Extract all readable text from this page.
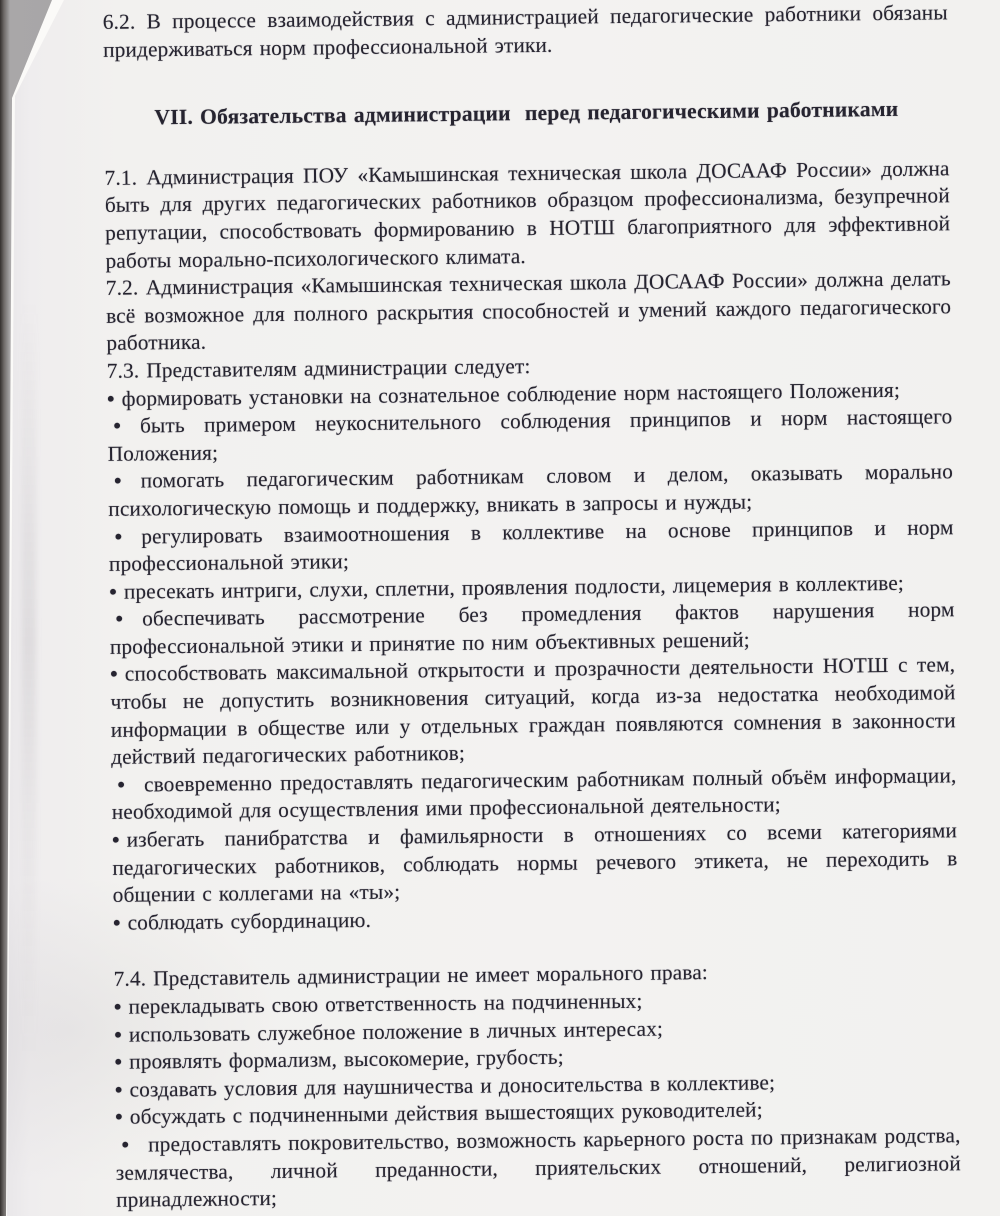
6.2. В процессе взаимодействия с администрацией педагогические работники обязаны придерживаться норм профессиональной этики.

VII. Обязательства администрации  перед педагогическими работниками

7.1. Администрация ПОУ «Камышинская техническая школа ДОСААФ России» должна быть для других педагогических работников образцом профессионализма, безупречной репутации, способствовать формированию в НОТШ благоприятного для эффективной работы морально-психологического климата.

7.2. Администрация «Камышинская техническая школа ДОСААФ России» должна делать всё возможное для полного раскрытия способностей и умений каждого педагогического работника.

7.3. Представителям администрации следует:

• формировать установки на сознательное соблюдение норм настоящего Положения;

• быть примером неукоснительного соблюдения принципов и норм настоящего Положения;

• помогать педагогическим работникам словом и делом, оказывать морально психологическую помощь и поддержку, вникать в запросы и нужды;

• регулировать взаимоотношения в коллективе на основе принципов и норм профессиональной этики;

• пресекать интриги, слухи, сплетни, проявления подлости, лицемерия в коллективе;

• обеспечивать рассмотрение без промедления фактов нарушения норм профессиональной этики и принятие по ним объективных решений;

• способствовать максимальной открытости и прозрачности деятельности НОТШ с тем, чтобы не допустить возникновения ситуаций, когда из-за недостатка необходимой информации в обществе или у отдельных граждан появляются сомнения в законности действий педагогических работников;

• своевременно предоставлять педагогическим работникам полный объём информации, необходимой для осуществления ими профессиональной деятельности;

• избегать панибратства и фамильярности в отношениях со всеми категориями педагогических работников, соблюдать нормы речевого этикета, не переходить в общении с коллегами на «ты»;

• соблюдать субординацию.

7.4. Представитель администрации не имеет морального права:

• перекладывать свою ответственность на подчиненных;

• использовать служебное положение в личных интересах;

• проявлять формализм, высокомерие, грубость;

• создавать условия для наушничества и доносительства в коллективе;

• обсуждать с подчиненными действия вышестоящих руководителей;

• предоставлять покровительство, возможность карьерного роста по признакам родства, землячества, личной преданности, приятельских отношений, религиозной принадлежности;
